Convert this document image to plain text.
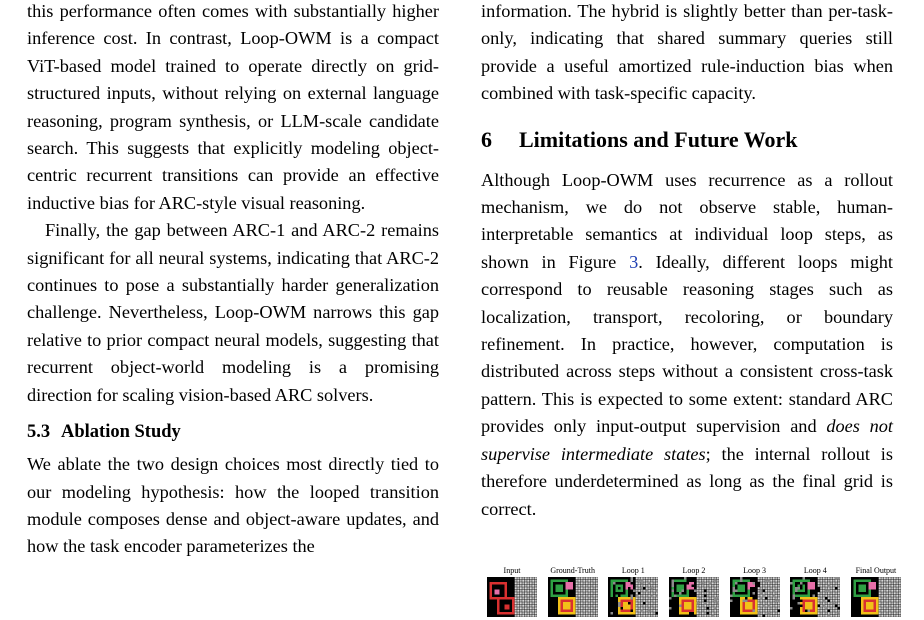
this performance often comes with substantially higher inference cost. In contrast, Loop-OWM is a compact ViT-based model trained to operate directly on grid-structured inputs, without relying on external language reasoning, program synthesis, or LLM-scale candidate search. This suggests that explicitly modeling object-centric recurrent transitions can provide an effective inductive bias for ARC-style visual reasoning.

Finally, the gap between ARC-1 and ARC-2 remains significant for all neural systems, indicating that ARC-2 continues to pose a substantially harder generalization challenge. Nevertheless, Loop-OWM narrows this gap relative to prior compact neural models, suggesting that recurrent object-world modeling is a promising direction for scaling vision-based ARC solvers.

5.3 Ablation Study

We ablate the two design choices most directly tied to our modeling hypothesis: how the looped transition module composes dense and object-aware updates, and how the task encoder parameterizes the

information. The hybrid is slightly better than per-task-only, indicating that shared summary queries still provide a useful amortized rule-induction bias when combined with task-specific capacity.

6 Limitations and Future Work

Although Loop-OWM uses recurrence as a rollout mechanism, we do not observe stable, human-interpretable semantics at individual loop steps, as shown in Figure 3. Ideally, different loops might correspond to reusable reasoning stages such as localization, transport, recoloring, or boundary refinement. In practice, however, computation is distributed across steps without a consistent cross-task pattern. This is expected to some extent: standard ARC provides only input-output supervision and does not supervise intermediate states; the internal rollout is therefore underdetermined as long as the final grid is correct.

Input	Ground-Truth	Loop 1	Loop 2	Loop 3	Loop 4	Final Output
